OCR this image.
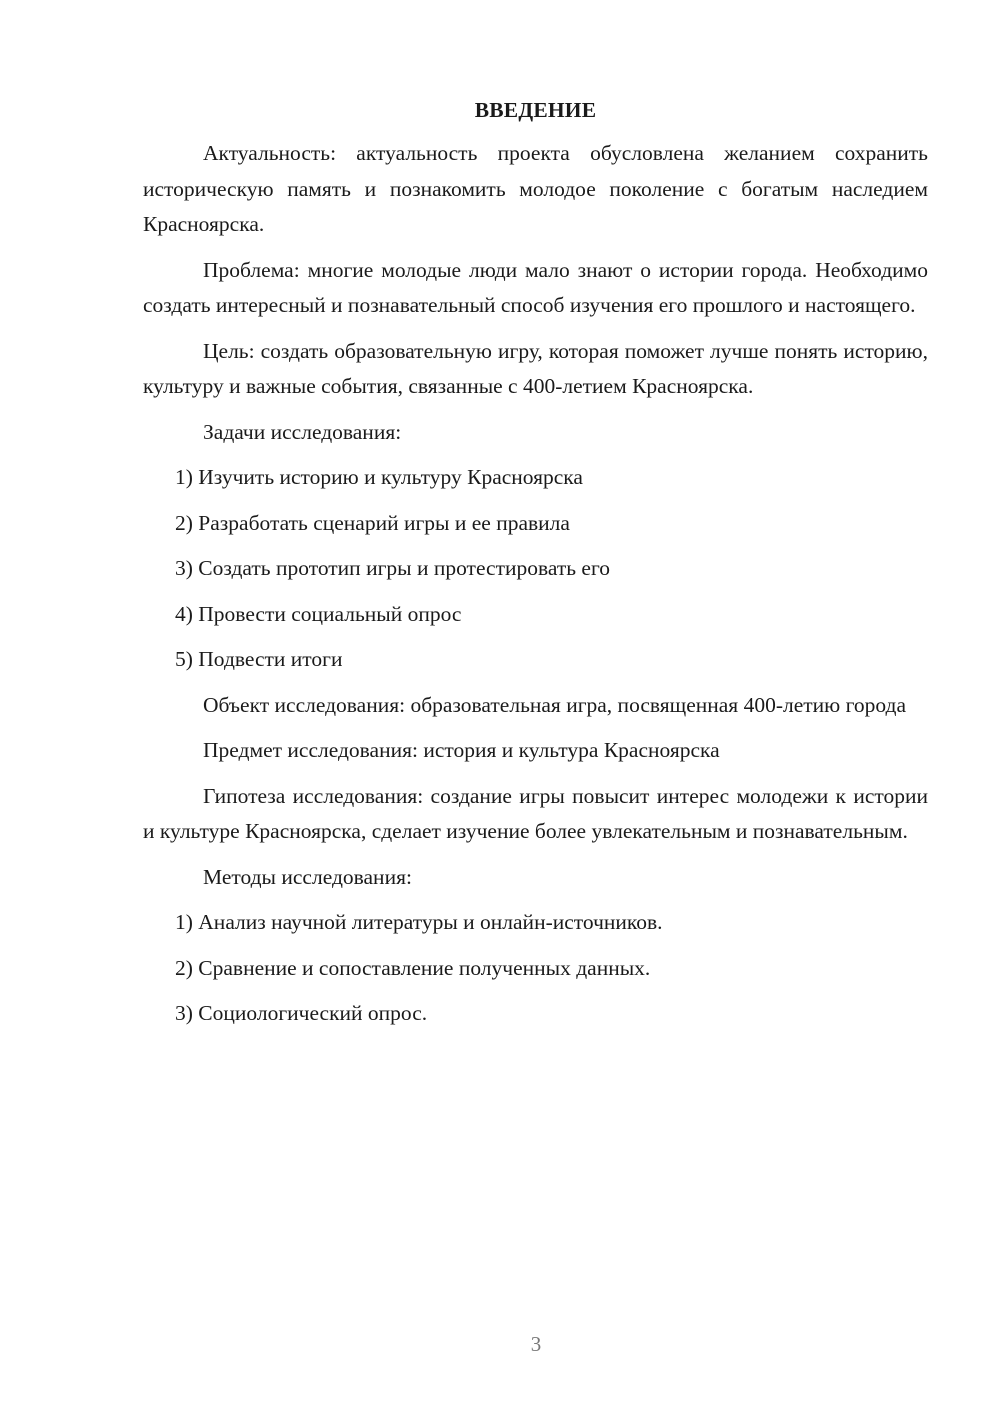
ВВЕДЕНИЕ

Актуальность: актуальность проекта обусловлена желанием сохранить историческую память и познакомить молодое поколение с богатым наследием Красноярска.

Проблема: многие молодые люди мало знают о истории города. Необходимо создать интересный и познавательный способ изучения его прошлого и настоящего.

Цель: создать образовательную игру, которая поможет лучше понять историю, культуру и важные события, связанные с 400-летием Красноярска.

Задачи исследования:

1) Изучить историю и культуру Красноярска
2) Разработать сценарий игры и ее правила
3) Создать прототип игры и протестировать его
4) Провести социальный опрос
5) Подвести итоги

Объект исследования: образовательная игра, посвященная 400-летию города

Предмет исследования: история и культура Красноярска

Гипотеза исследования: создание игры повысит интерес молодежи к истории и культуре Красноярска, сделает изучение более увлекательным и познавательным.

Методы исследования:

1) Анализ научной литературы и онлайн-источников.
2) Сравнение и сопоставление полученных данных.
3) Социологический опрос.
3
